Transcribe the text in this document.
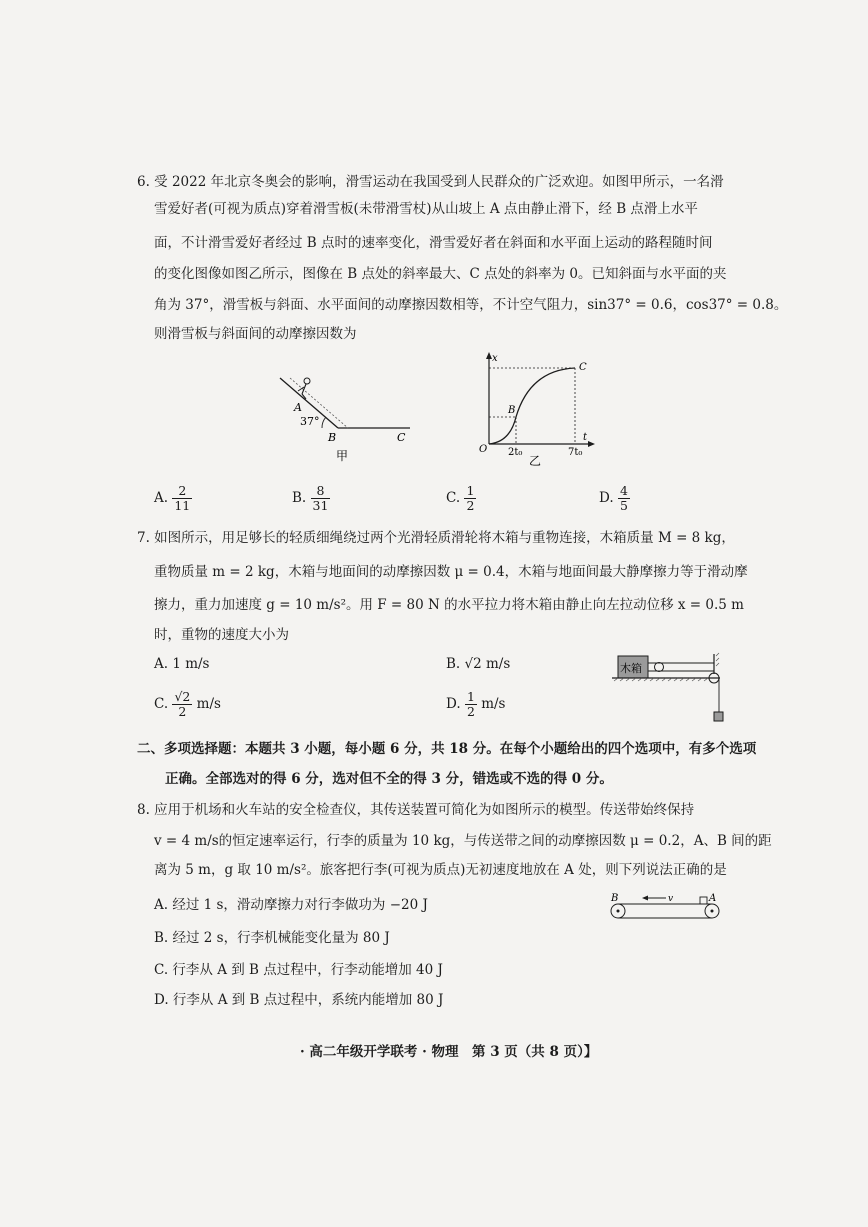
6. 受 2022 年北京冬奥会的影响，滑雪运动在我国受到人民群众的广泛欢迎。如图甲所示，一名滑
雪爱好者(可视为质点)穿着滑雪板(未带滑雪杖)从山坡上 A 点由静止滑下，经 B 点滑上水平
面，不计滑雪爱好者经过 B 点时的速率变化，滑雪爱好者在斜面和水平面上运动的路程随时间
的变化图像如图乙所示，图像在 B 点处的斜率最大、C 点处的斜率为 0。已知斜面与水平面的夹
角为 37°，滑雪板与斜面、水平面间的动摩擦因数相等，不计空气阻力，sin37° = 0.6，cos37° = 0.8。
则滑雪板与斜面间的动摩擦因数为
A
37°
B	C
甲
x
t
O
B
C
2t₀	7t₀
乙
A. $\frac{2}{11}$	B. $\frac{8}{31}$	C. $\frac{1}{2}$	D. $\frac{4}{5}$
7. 如图所示，用足够长的轻质细绳绕过两个光滑轻质滑轮将木箱与重物连接，木箱质量 M = 8 kg，
重物质量 m = 2 kg，木箱与地面间的动摩擦因数 μ = 0.4，木箱与地面间最大静摩擦力等于滑动摩
擦力，重力加速度 g = 10 m/s²。用 F = 80 N 的水平拉力将木箱由静止向左拉动位移 x = 0.5 m
时，重物的速度大小为
A. 1 m/s	B. √2 m/s
C. $\frac{√2}{2} m/s$	D. $\frac{1}{2} m/s$
木箱
二、多项选择题：本题共 3 小题，每小题 6 分，共 18 分。在每个小题给出的四个选项中，有多个选项
正确。全部选对的得 6 分，选对但不全的得 3 分，错选或不选的得 0 分。
8. 应用于机场和火车站的安全检查仪，其传送装置可简化为如图所示的模型。传送带始终保持
v = 4 m/s的恒定速率运行，行李的质量为 10 kg，与传送带之间的动摩擦因数 μ = 0.2，A、B 间的距
离为 5 m，g 取 10 m/s²。旅客把行李(可视为质点)无初速度地放在 A 处，则下列说法正确的是
A. 经过 1 s，滑动摩擦力对行李做功为 −20 J
B. 经过 2 s，行李机械能变化量为 80 J
C. 行李从 A 到 B 点过程中，行李动能增加 40 J
D. 行李从 A 到 B 点过程中，系统内能增加 80 J
B	v	A
· 高二年级开学联考 · 物理　第 3 页（共 8 页）】
